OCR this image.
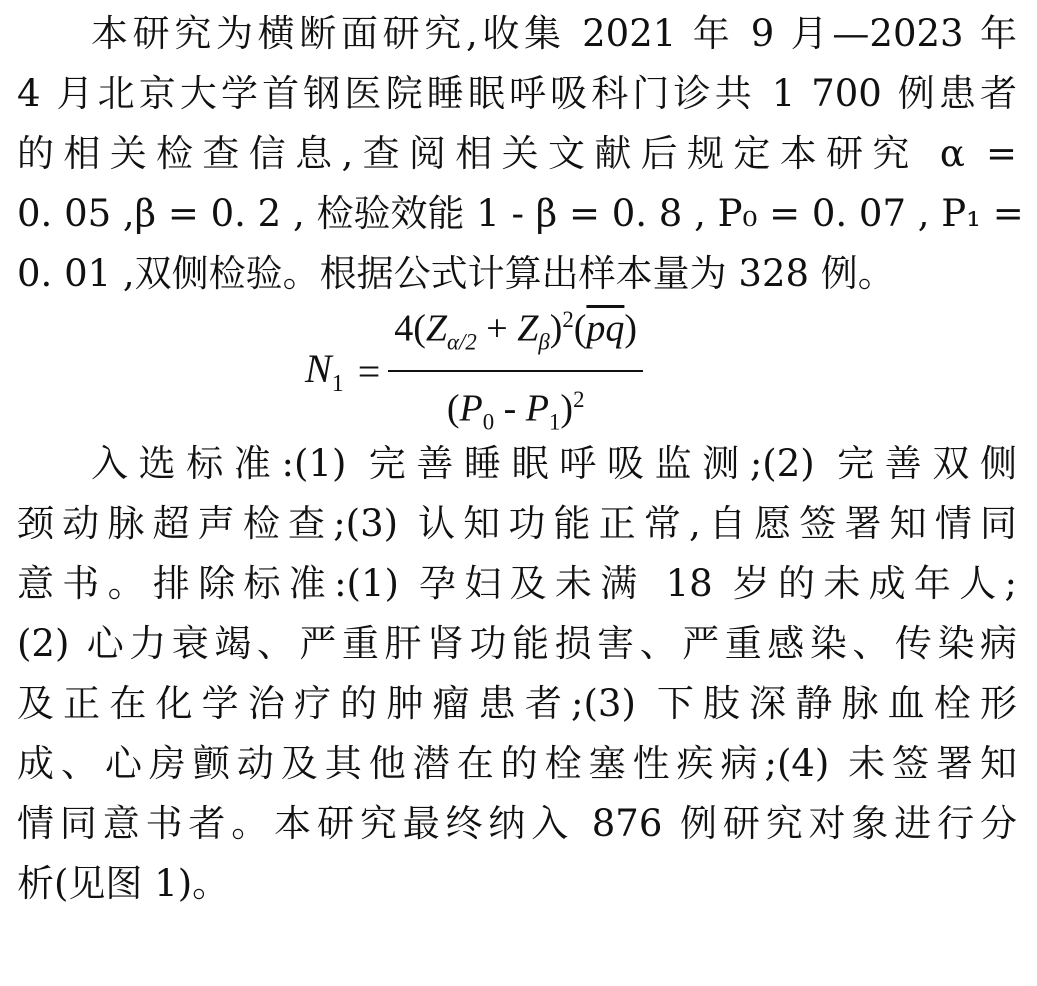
本研究为横断面研究,收集 2021 年 9 月—2023 年
4 月北京大学首钢医院睡眠呼吸科门诊共 1 700 例患者
的相关检查信息,查阅相关文献后规定本研究 α =
0. 05 ,β = 0. 2 , 检验效能 1 - β = 0. 8 , P₀ = 0. 07 , P₁ =
0. 01 ,双侧检验。根据公式计算出样本量为 328 例。
$N_1 = \frac{4(Z_{\alpha/2} + Z_\beta)^2(\overline{pq})}{(P_0 - P_1)^2}$
入选标准:(1) 完善睡眠呼吸监测;(2) 完善双侧
颈动脉超声检查;(3) 认知功能正常,自愿签署知情同
意书。排除标准:(1) 孕妇及未满 18 岁的未成年人;
(2) 心力衰竭、严重肝肾功能损害、严重感染、传染病
及正在化学治疗的肿瘤患者;(3) 下肢深静脉血栓形
成、心房颤动及其他潜在的栓塞性疾病;(4) 未签署知
情同意书者。本研究最终纳入 876 例研究对象进行分
析(见图 1)。
